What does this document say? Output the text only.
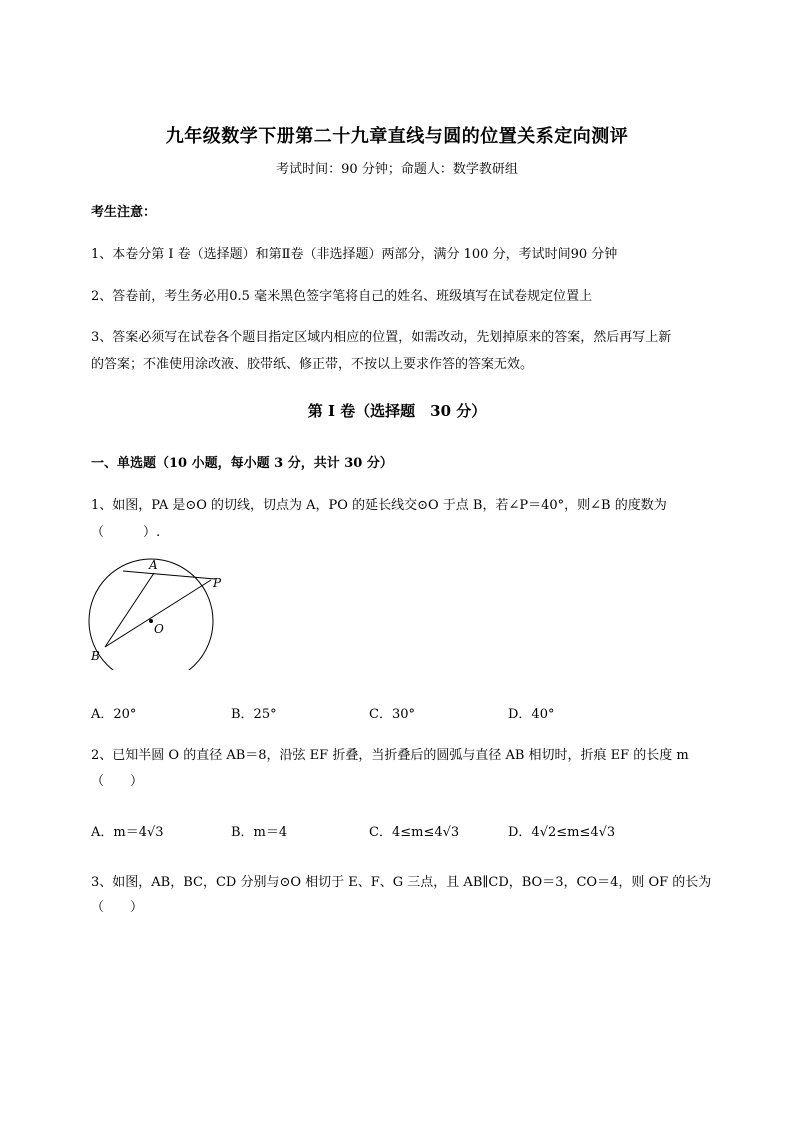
九年级数学下册第二十九章直线与圆的位置关系定向测评
考试时间：90 分钟；命题人：数学教研组
考生注意：
1、本卷分第 I 卷（选择题）和第Ⅱ卷（非选择题）两部分，满分 100 分，考试时间90 分钟
2、答卷前，考生务必用0.5 毫米黑色签字笔将自己的姓名、班级填写在试卷规定位置上
3、答案必须写在试卷各个题目指定区域内相应的位置，如需改动，先划掉原来的答案，然后再写上新
的答案；不准使用涂改液、胶带纸、修正带，不按以上要求作答的答案无效。
第 I 卷（选择题　30 分）
一、单选题（10 小题，每小题 3 分，共计 30 分）
1、如图，PA 是⊙O 的切线，切点为 A，PO 的延长线交⊙O 于点 B，若∠P＝40°，则∠B 的度数为
（　　　）.
A
P
O
B
A．20°	B．25°	C．30°	D．40°
2、已知半圆 O 的直径 AB＝8，沿弦 EF 折叠，当折叠后的圆弧与直径 AB 相切时，折痕 EF 的长度 m
（　　）
A．m＝4√3	B．m＝4	C．4≤m≤4√3	D．4√2≤m≤4√3
3、如图，AB，BC，CD 分别与⊙O 相切于 E、F、G 三点，且 AB∥CD，BO＝3，CO＝4，则 OF 的长为
（　　）
